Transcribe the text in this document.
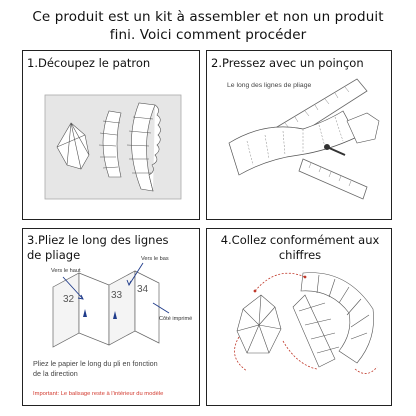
Ce produit est un kit à assembler et non un produit
fini. Voici comment procéder
1.Découpez le patron	2.Pressez avec un poinçon
Le long des lignes de pliage
3.Pliez le long des lignes
de pliage
Vers le haut
Vers le bas
Côté imprimé
32	33
34
Pliez le papier le long du pli en fonction
de la direction
Important: Le balisage reste à l'intérieur du modèle
4.Collez conformément aux
chiffres
